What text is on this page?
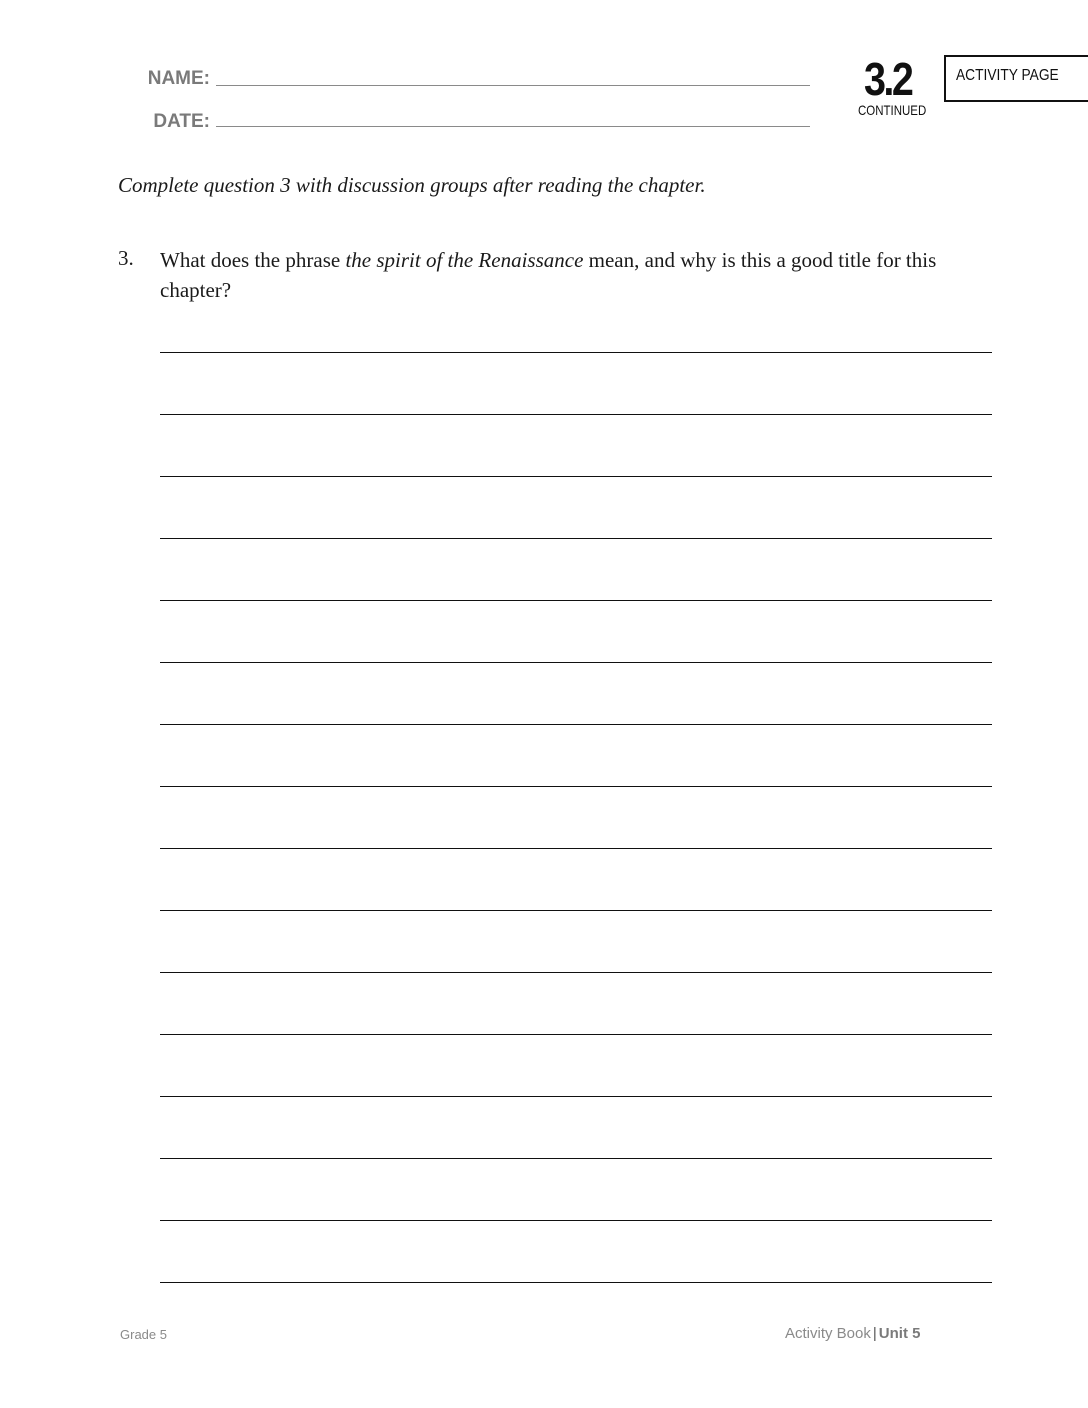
NAME:
DATE:
3.2
CONTINUED
ACTIVITY PAGE
Complete question 3 with discussion groups after reading the chapter.
3. What does the phrase the spirit of the Renaissance mean, and why is this a good title for this chapter?
Grade 5	Activity Book | Unit 5
